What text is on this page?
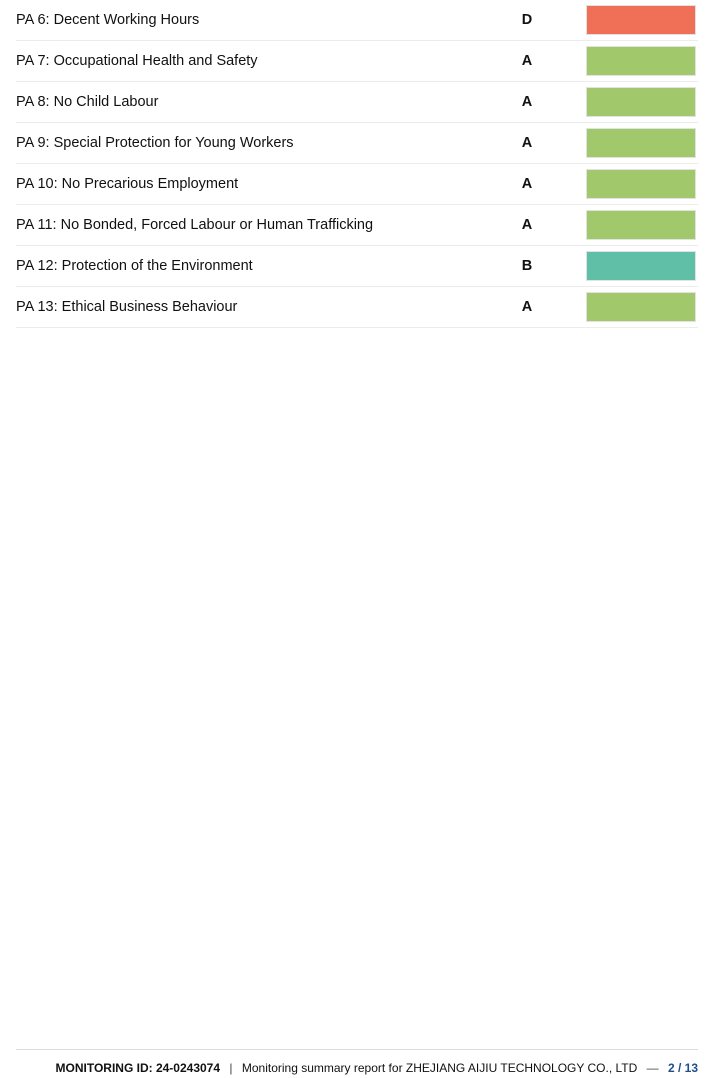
PA 6: Decent Working Hours	D
PA 7: Occupational Health and Safety	A
PA 8: No Child Labour	A
PA 9: Special Protection for Young Workers	A
PA 10: No Precarious Employment	A
PA 11: No Bonded, Forced Labour or Human Trafficking	A
PA 12: Protection of the Environment	B
PA 13: Ethical Business Behaviour	A
MONITORING ID: 24-0243074 | Monitoring summary report for ZHEJIANG AIJIU TECHNOLOGY CO., LTD — 2 / 13
